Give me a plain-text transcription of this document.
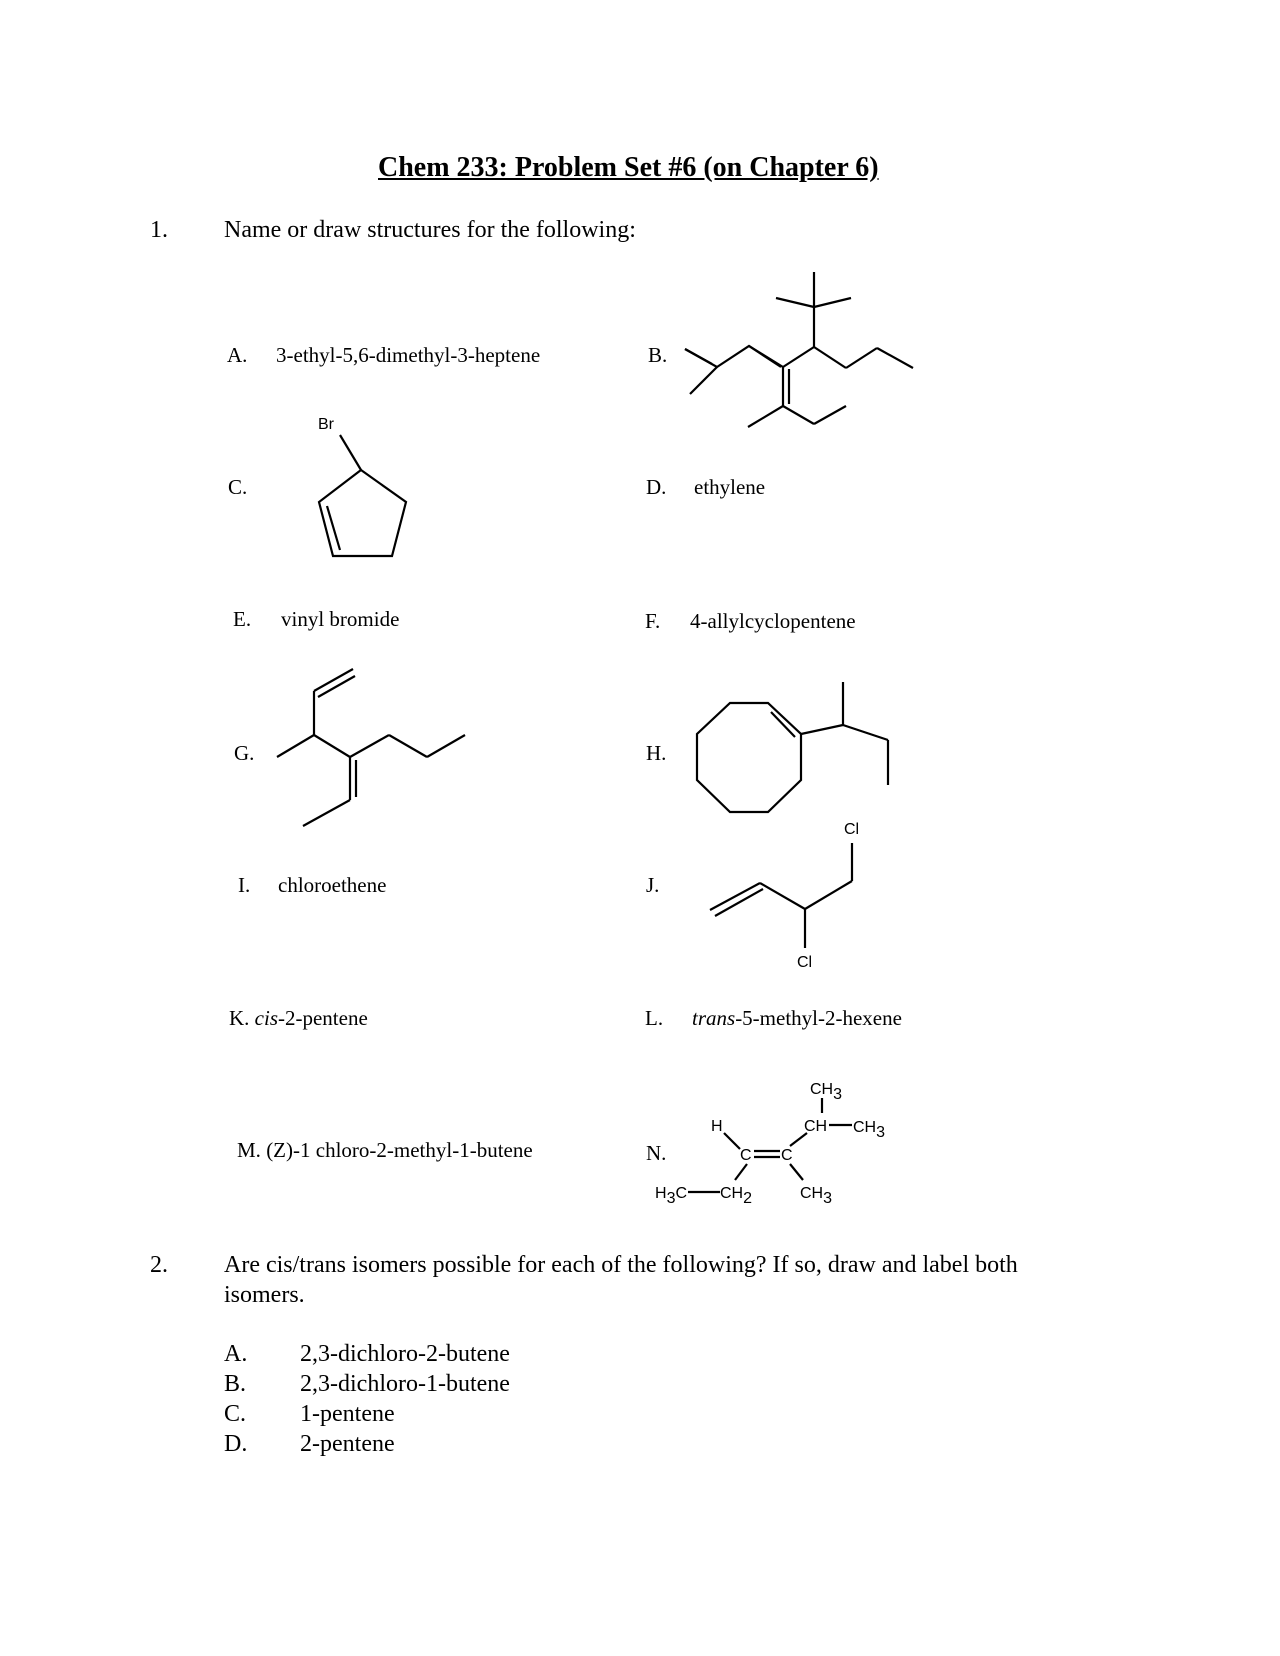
Chem 233: Problem Set #6 (on Chapter 6)
1. Name or draw structures for the following:
A. 3-ethyl-5,6-dimethyl-3-heptene	B.
C.	D. ethylene
E. vinyl bromide	F. 4-allylcyclopentene
G.	H.
I. chloroethene	J.
K. cis-2-pentene	L. trans-5-methyl-2-hexene
M. (Z)-1 chloro-2-methyl-1-butene	N.
Br
Cl
Cl
CH3
CH CH3
H
C C
H3C CH2	CH3
2. Are cis/trans isomers possible for each of the following? If so, draw and label both
isomers.
A. 2,3-dichloro-2-butene
B. 2,3-dichloro-1-butene
C. 1-pentene
D. 2-pentene
